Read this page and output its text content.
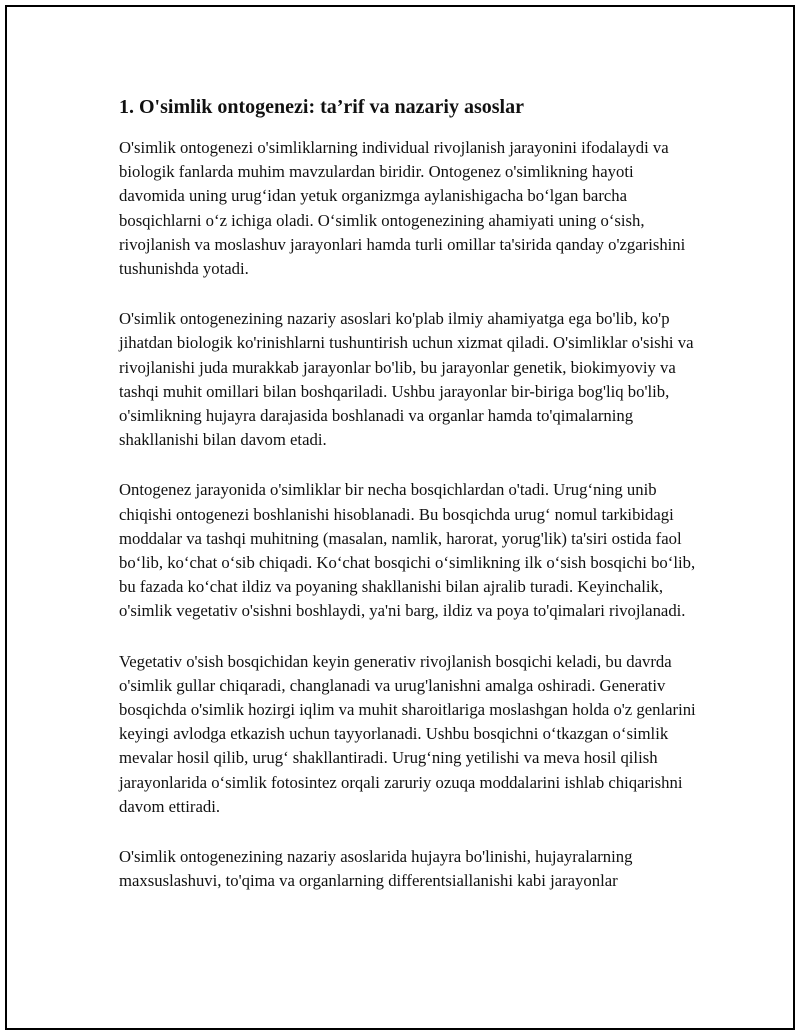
1. O'simlik ontogenezi: ta’rif va nazariy asoslar

O'simlik ontogenezi o'simliklarning individual rivojlanish jarayonini ifodalaydi va biologik fanlarda muhim mavzulardan biridir. Ontogenez o'simlikning hayoti davomida uning urug‘idan yetuk organizmga aylanishigacha bo‘lgan barcha bosqichlarni o‘z ichiga oladi. O‘simlik ontogenezining ahamiyati uning o‘sish, rivojlanish va moslashuv jarayonlari hamda turli omillar ta'sirida qanday o'zgarishini tushunishda yotadi.

O'simlik ontogenezining nazariy asoslari ko'plab ilmiy ahamiyatga ega bo'lib, ko'p jihatdan biologik ko'rinishlarni tushuntirish uchun xizmat qiladi. O'simliklar o'sishi va rivojlanishi juda murakkab jarayonlar bo'lib, bu jarayonlar genetik, biokimyoviy va tashqi muhit omillari bilan boshqariladi. Ushbu jarayonlar bir-biriga bog'liq bo'lib, o'simlikning hujayra darajasida boshlanadi va organlar hamda to'qimalarning shakllanishi bilan davom etadi.

Ontogenez jarayonida o'simliklar bir necha bosqichlardan o'tadi. Urug‘ning unib chiqishi ontogenezi boshlanishi hisoblanadi. Bu bosqichda urug‘ nomul tarkibidagi moddalar va tashqi muhitning (masalan, namlik, harorat, yorug'lik) ta'siri ostida faol bo‘lib, ko‘chat o‘sib chiqadi. Ko‘chat bosqichi o‘simlikning ilk o‘sish bosqichi bo‘lib, bu fazada ko‘chat ildiz va poyaning shakllanishi bilan ajralib turadi. Keyinchalik, o'simlik vegetativ o'sishni boshlaydi, ya'ni barg, ildiz va poya to'qimalari rivojlanadi.

Vegetativ o'sish bosqichidan keyin generativ rivojlanish bosqichi keladi, bu davrda o'simlik gullar chiqaradi, changlanadi va urug'lanishni amalga oshiradi. Generativ bosqichda o'simlik hozirgi iqlim va muhit sharoitlariga moslashgan holda o'z genlarini keyingi avlodga etkazish uchun tayyorlanadi. Ushbu bosqichni o‘tkazgan o‘simlik mevalar hosil qilib, urug‘ shakllantiradi. Urug‘ning yetilishi va meva hosil qilish jarayonlarida o‘simlik fotosintez orqali zaruriy ozuqa moddalarini ishlab chiqarishni davom ettiradi.

O'simlik ontogenezining nazariy asoslarida hujayra bo'linishi, hujayralarning maxsuslashuvi, to'qima va organlarning differentsiallanishi kabi jarayonlar
